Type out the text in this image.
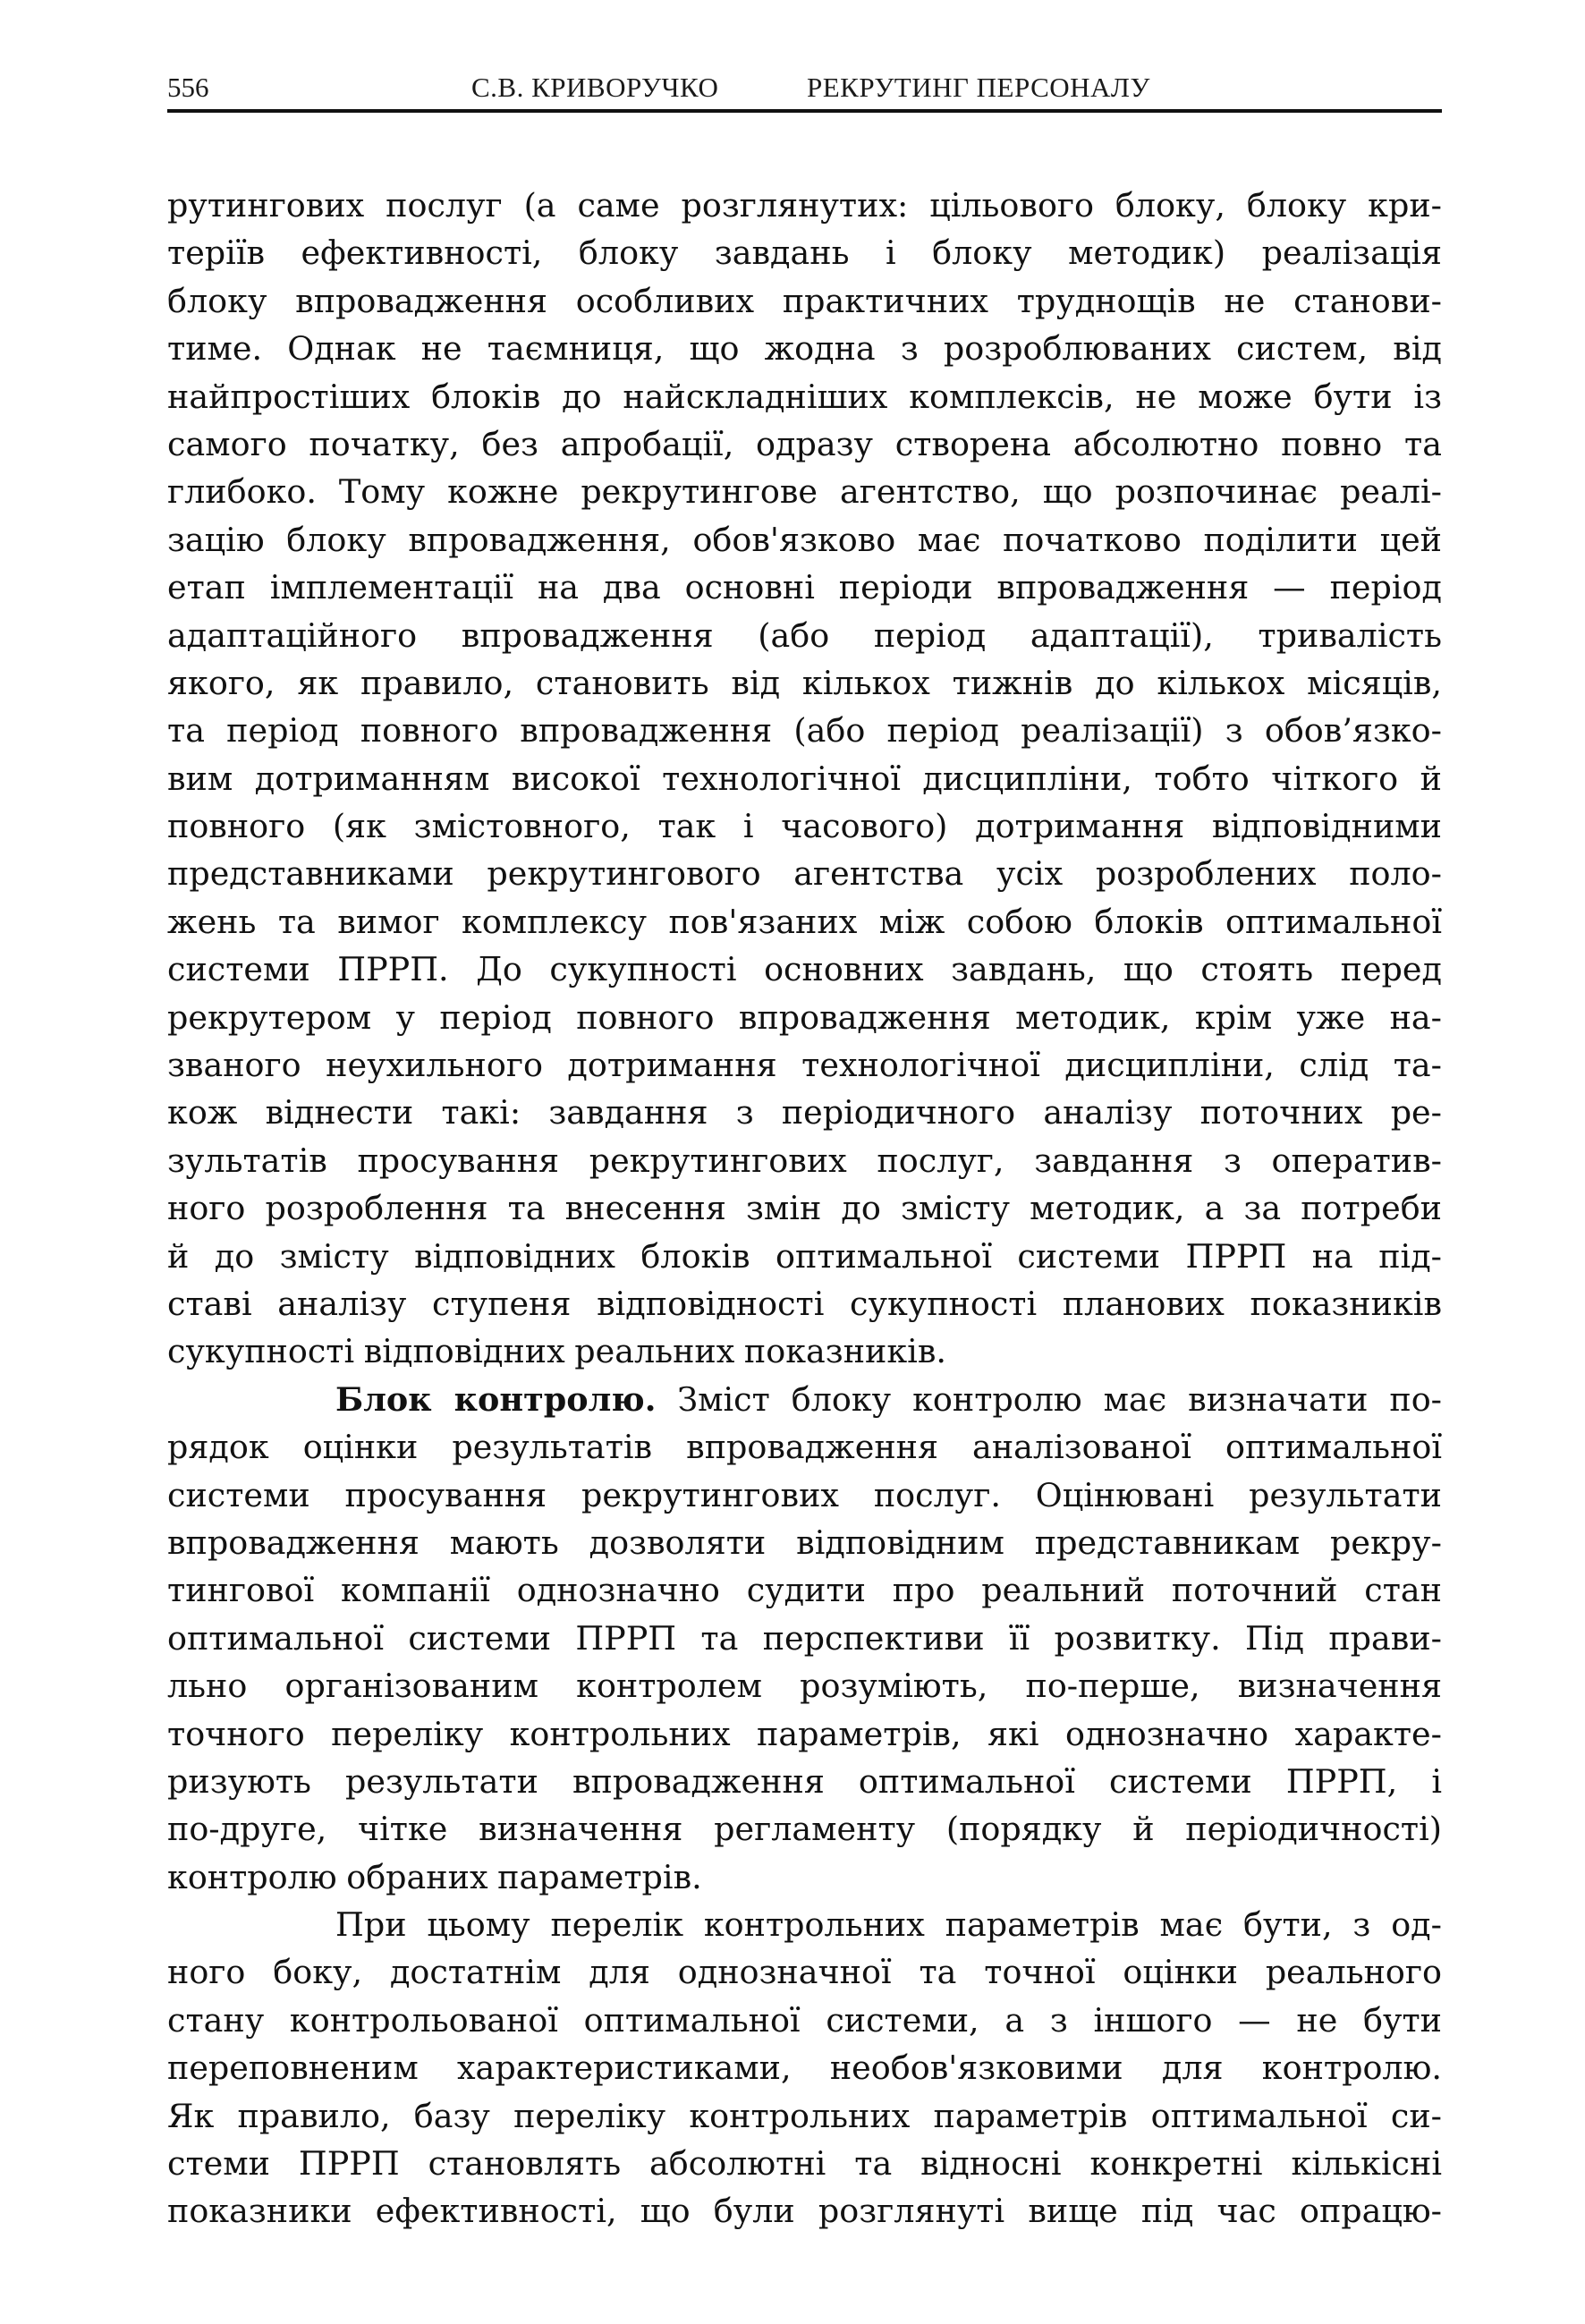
556	С.В. КРИВОРУЧКО	РЕКРУТИНГ ПЕРСОНАЛУ
рутингових послуг (а саме розглянутих: цільового блоку, блоку кри-
теріїв ефективності, блоку завдань і блоку методик) реалізація
блоку впровадження особливих практичних труднощів не станови-
тиме. Однак не таємниця, що жодна з розроблюваних систем, від
найпростіших блоків до найскладніших комплексів, не може бути із
самого початку, без апробації, одразу створена абсолютно повно та
глибоко. Тому кожне рекрутингове агентство, що розпочинає реалі-
зацію блоку впровадження, обов'язково має початково поділити цей
етап імплементації на два основні періоди впровадження — період
адаптаційного впровадження (або період адаптації), тривалість
якого, як правило, становить від кількох тижнів до кількох місяців,
та період повного впровадження (або період реалізації) з обов’язко-
вим дотриманням високої технологічної дисципліни, тобто чіткого й
повного (як змістовного, так і часового) дотримання відповідними
представниками рекрутингового агентства усіх розроблених поло-
жень та вимог комплексу пов'язаних між собою блоків оптимальної
системи ПРРП. До сукупності основних завдань, що стоять перед
рекрутером у період повного впровадження методик, крім уже на-
званого неухильного дотримання технологічної дисципліни, слід та-
кож віднести такі: завдання з періодичного аналізу поточних ре-
зультатів просування рекрутингових послуг, завдання з оператив-
ного розроблення та внесення змін до змісту методик, а за потреби
й до змісту відповідних блоків оптимальної системи ПРРП на під-
ставі аналізу ступеня відповідності сукупності планових показників
сукупності відповідних реальних показників.
Блок контролю. Зміст блоку контролю має визначати по-
рядок оцінки результатів впровадження аналізованої оптимальної
системи просування рекрутингових послуг. Оцінювані результати
впровадження мають дозволяти відповідним представникам рекру-
тингової компанії однозначно судити про реальний поточний стан
оптимальної системи ПРРП та перспективи її розвитку. Під прави-
льно організованим контролем розуміють, по-перше, визначення
точного переліку контрольних параметрів, які однозначно характе-
ризують результати впровадження оптимальної системи ПРРП, і
по-друге, чітке визначення регламенту (порядку й періодичності)
контролю обраних параметрів.
При цьому перелік контрольних параметрів має бути, з од-
ного боку, достатнім для однозначної та точної оцінки реального
стану контрольованої оптимальної системи, а з іншого — не бути
переповненим характеристиками, необов'язковими для контролю.
Як правило, базу переліку контрольних параметрів оптимальної си-
стеми ПРРП становлять абсолютні та відносні конкретні кількісні
показники ефективності, що були розглянуті вище під час опрацю-
